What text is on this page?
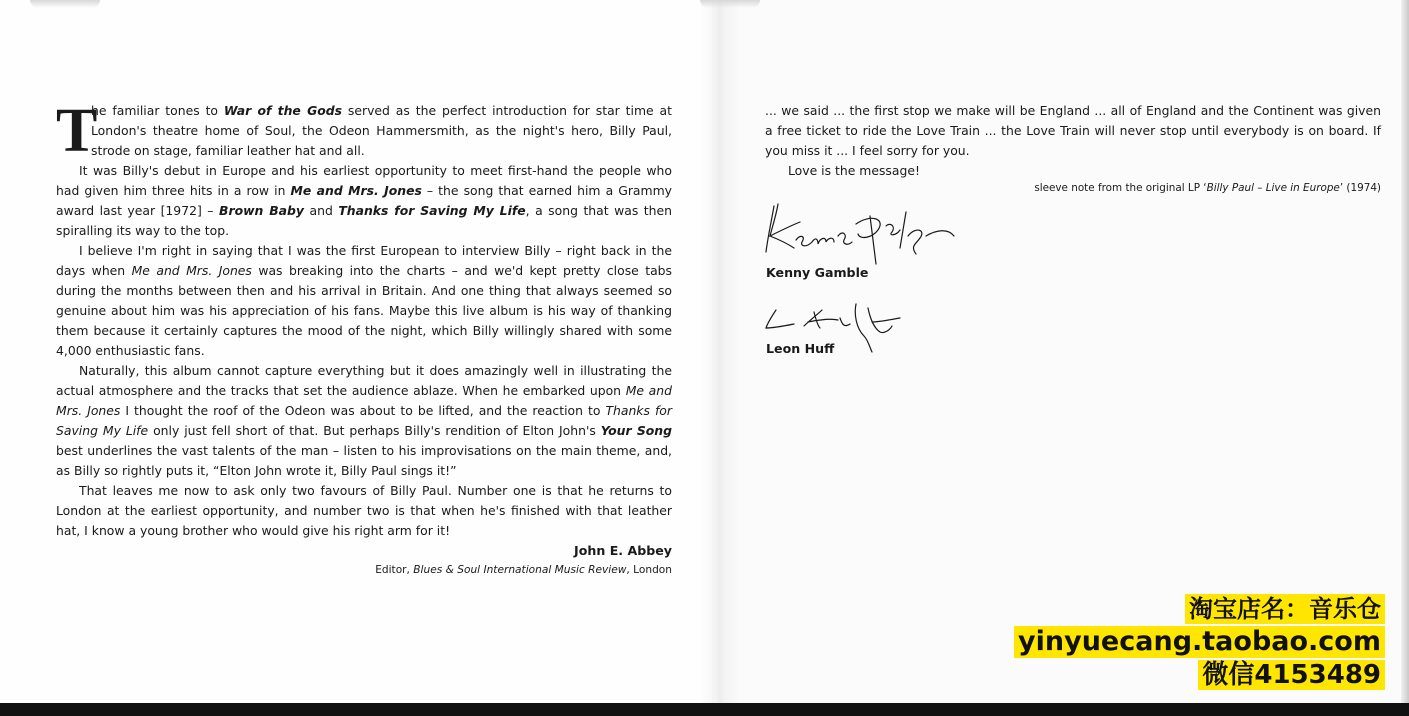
T
he familiar tones to War of the Gods served as the perfect introduction for star time at London's theatre home of Soul, the Odeon Hammersmith, as the night's hero, Billy Paul, strode on stage, familiar leather hat and all.

It was Billy's debut in Europe and his earliest opportunity to meet first-hand the people who had given him three hits in a row in Me and Mrs. Jones – the song that earned him a Grammy award last year [1972] – Brown Baby and Thanks for Saving My Life, a song that was then spiralling its way to the top.

I believe I'm right in saying that I was the first European to interview Billy – right back in the days when Me and Mrs. Jones was breaking into the charts – and we'd kept pretty close tabs during the months between then and his arrival in Britain. And one thing that always seemed so genuine about him was his appreciation of his fans. Maybe this live album is his way of thanking them because it certainly captures the mood of the night, which Billy willingly shared with some 4,000 enthusiastic fans.

Naturally, this album cannot capture everything but it does amazingly well in illustrating the actual atmosphere and the tracks that set the audience ablaze. When he embarked upon Me and Mrs. Jones I thought the roof of the Odeon was about to be lifted, and the reaction to Thanks for Saving My Life only just fell short of that. But perhaps Billy's rendition of Elton John's Your Song best underlines the vast talents of the man – listen to his improvisations on the main theme, and, as Billy so rightly puts it, “Elton John wrote it, Billy Paul sings it!”

That leaves me now to ask only two favours of Billy Paul. Number one is that he returns to London at the earliest opportunity, and number two is that when he's finished with that leather hat, I know a young brother who would give his right arm for it!

John E. Abbey
Editor, Blues & Soul International Music Review, London

... we said ... the first stop we make will be England ... all of England and the Continent was given a free ticket to ride the Love Train ... the Love Train will never stop until everybody is on board. If you miss it ... I feel sorry for you.

Love is the message!

sleeve note from the original LP ‘Billy Paul – Live in Europe’ (1974)
Kenny Gamble
Leon Huff
淘宝店名：音乐仓
yinyuecang.taobao.com
微信4153489
